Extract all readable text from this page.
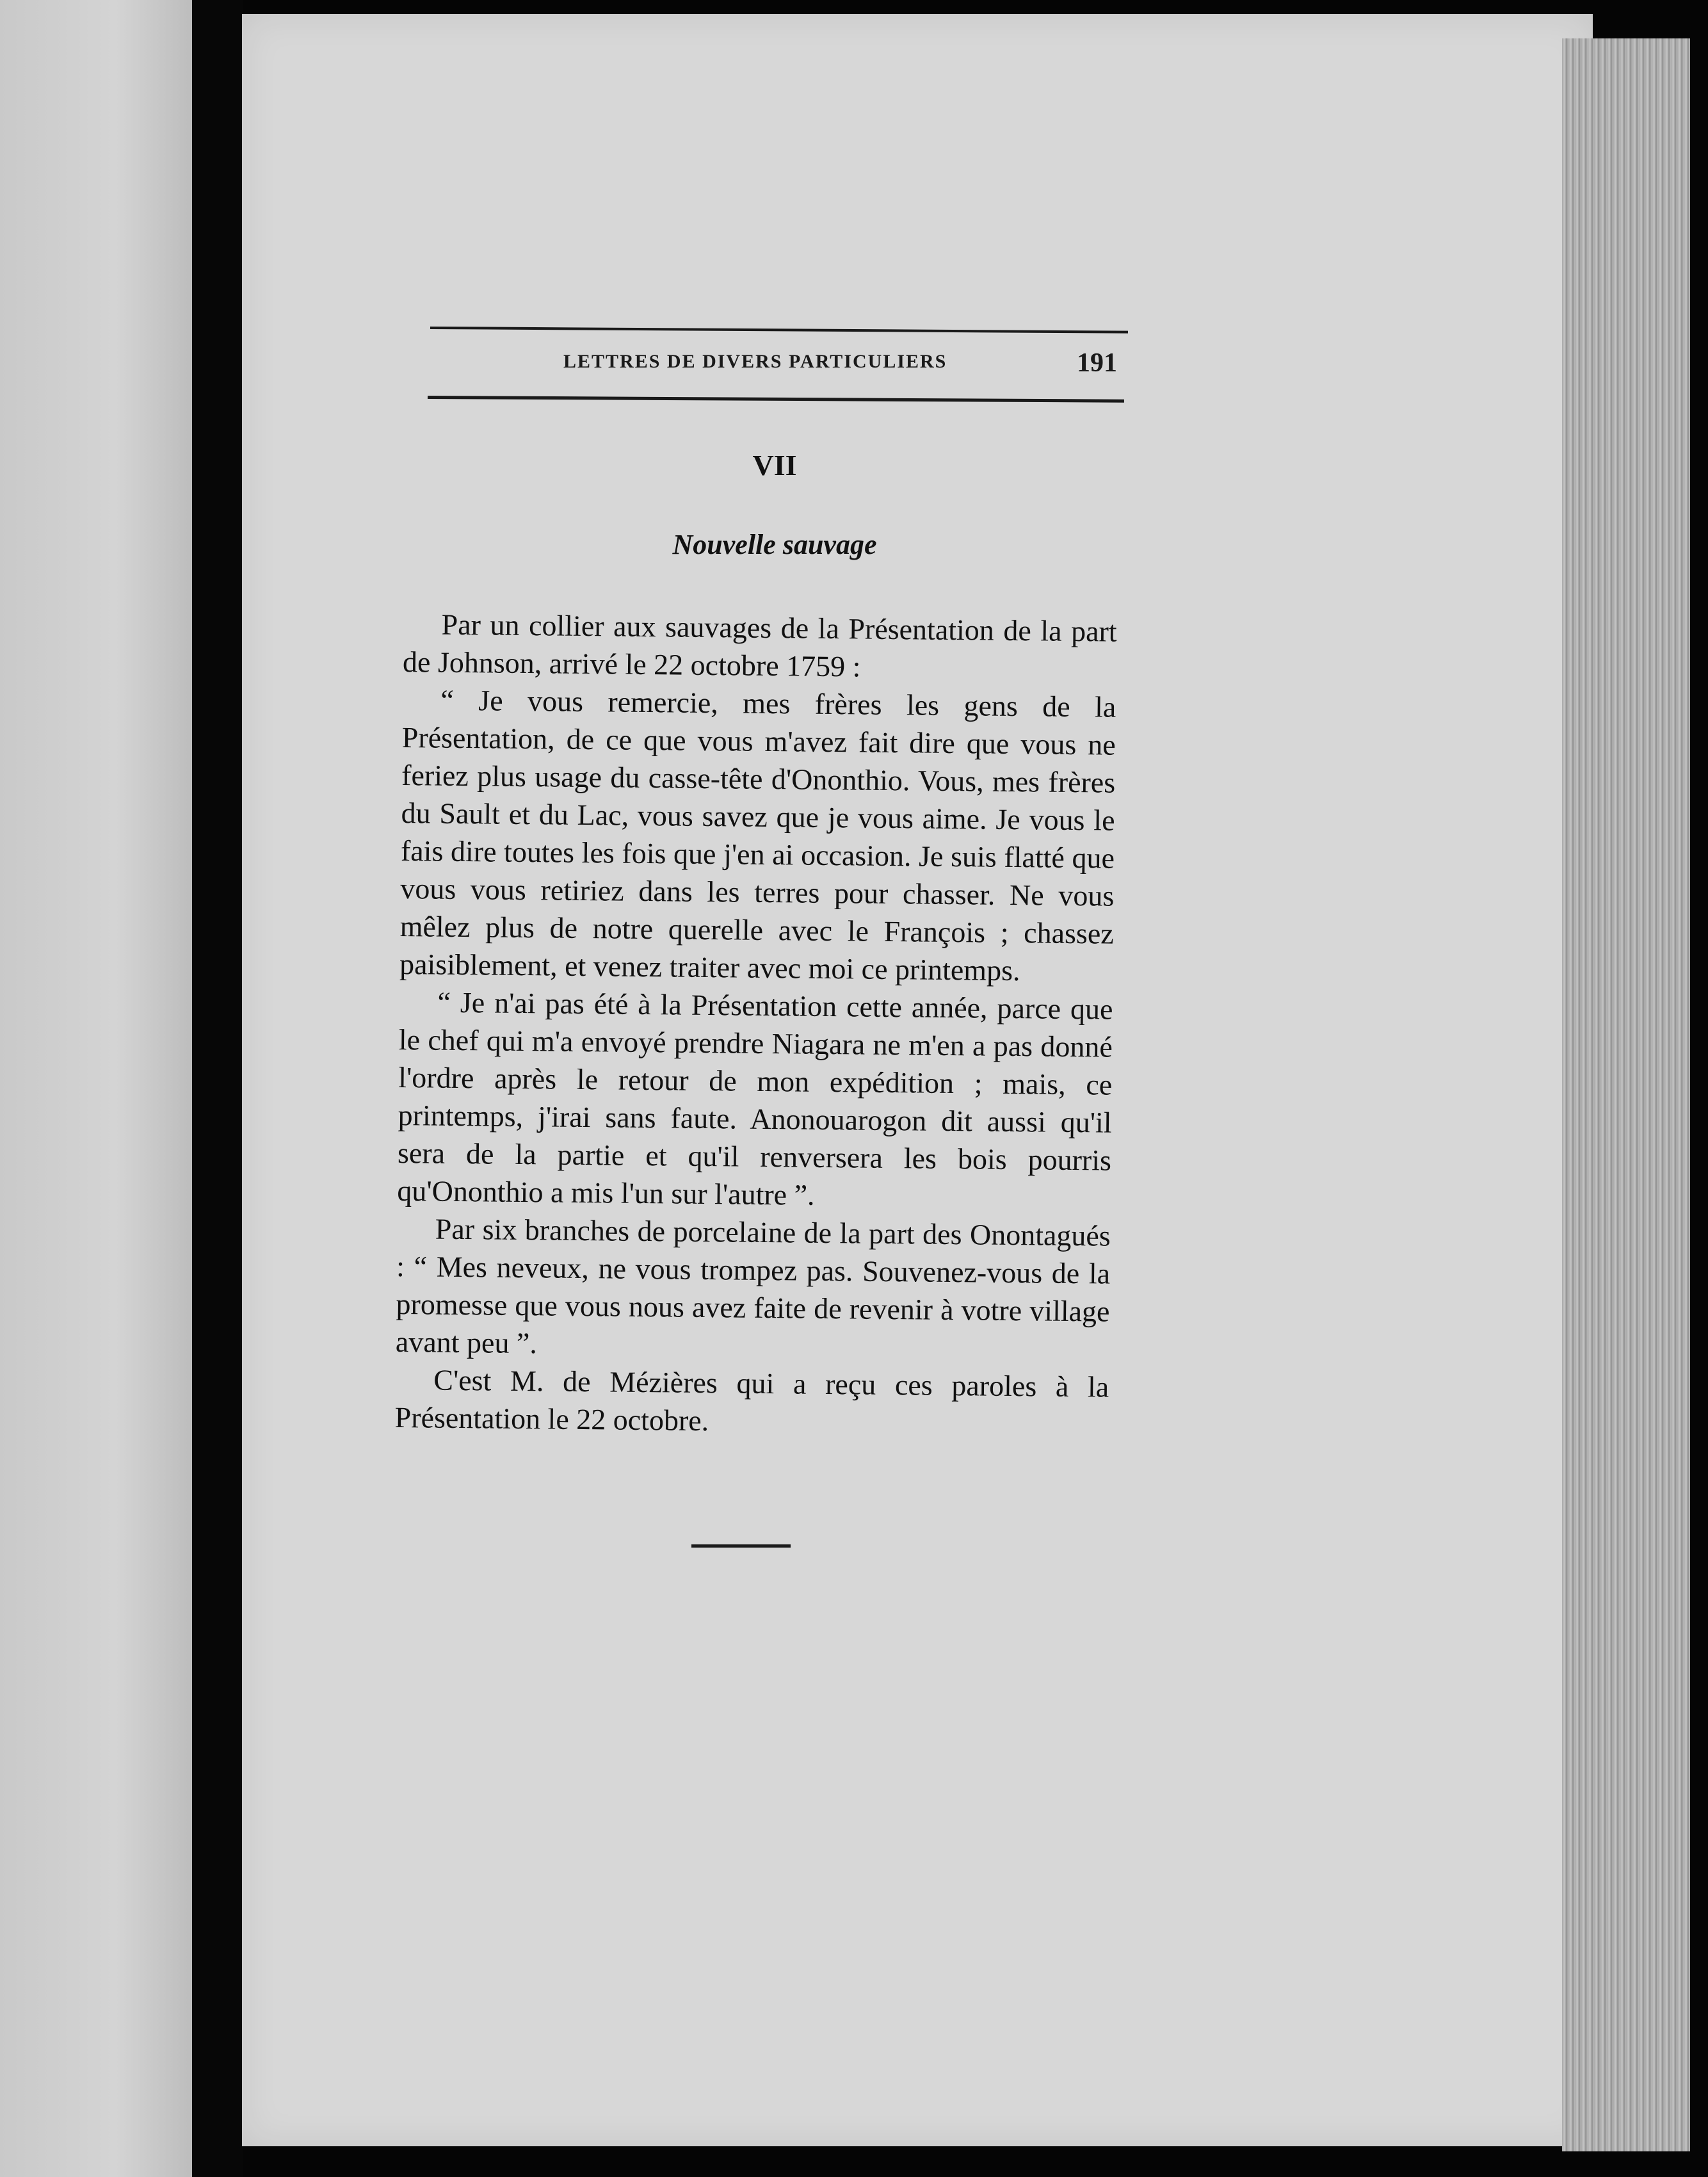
LETTRES DE DIVERS PARTICULIERS	191
VII
Nouvelle sauvage

Par un collier aux sauvages de la Présentation de la part de Johnson, arrivé le 22 octobre 1759 :

“ Je vous remercie, mes frères les gens de la Présentation, de ce que vous m'avez fait dire que vous ne feriez plus usage du casse-tête d'Ononthio. Vous, mes frères du Sault et du Lac, vous savez que je vous aime. Je vous le fais dire toutes les fois que j'en ai occasion. Je suis flatté que vous vous retiriez dans les terres pour chasser. Ne vous mêlez plus de notre querelle avec le François ; chassez paisiblement, et venez traiter avec moi ce printemps.

“ Je n'ai pas été à la Présentation cette année, parce que le chef qui m'a envoyé prendre Niagara ne m'en a pas donné l'ordre après le retour de mon expédition ; mais, ce printemps, j'irai sans faute. Anonouarogon dit aussi qu'il sera de la partie et qu'il renversera les bois pourris qu'Ononthio a mis l'un sur l'autre ”.

Par six branches de porcelaine de la part des Onontagués : “ Mes neveux, ne vous trompez pas. Souvenez-vous de la promesse que vous nous avez faite de revenir à votre village avant peu ”.

C'est M. de Mézières qui a reçu ces paroles à la Présentation le 22 octobre.
